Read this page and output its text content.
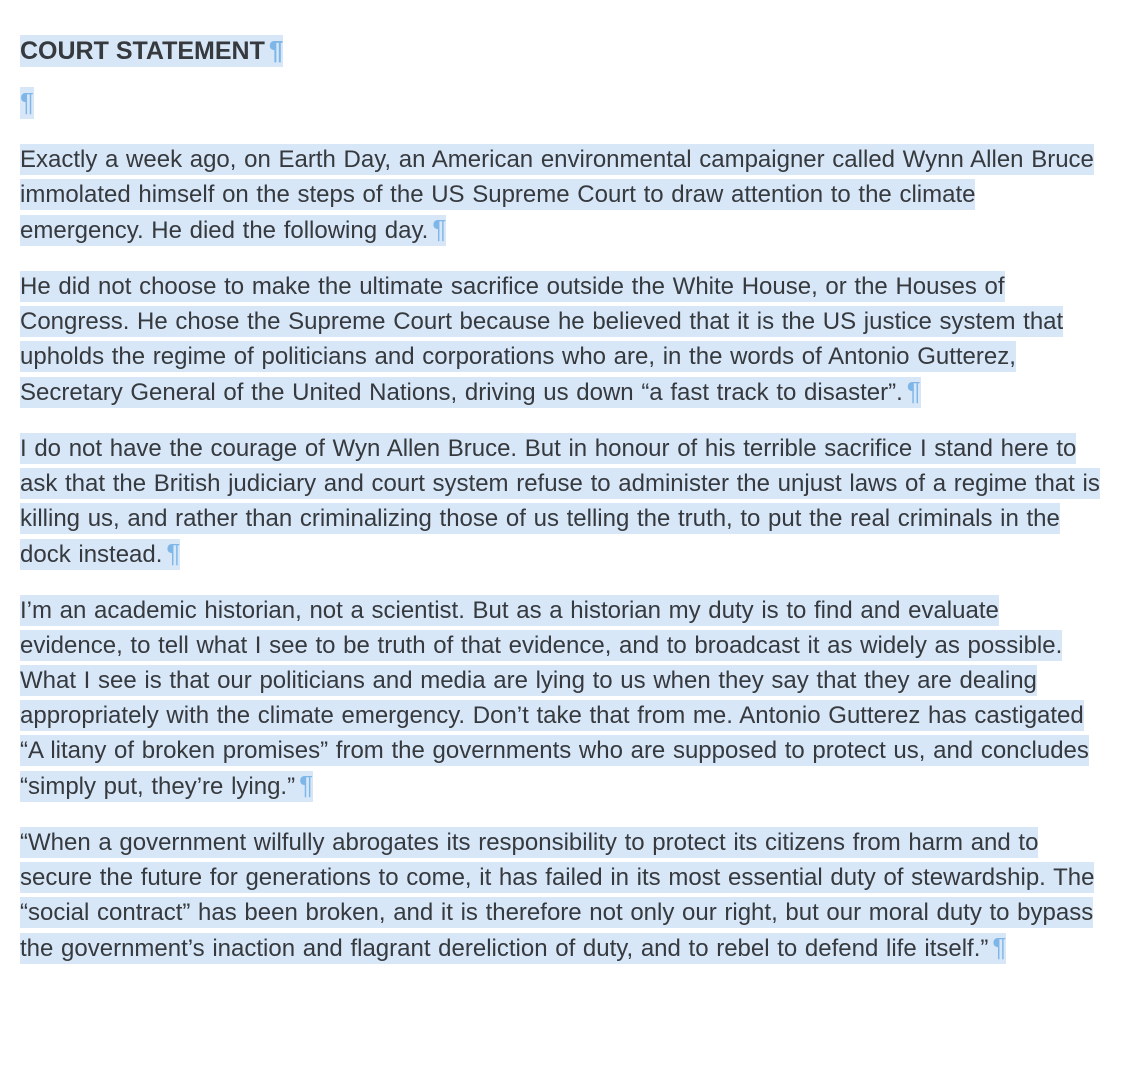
COURT STATEMENT ¶
¶

Exactly a week ago, on Earth Day, an American environmental campaigner called Wynn Allen Bruce immolated himself on the steps of the US Supreme Court to draw attention to the climate emergency. He died the following day. ¶

He did not choose to make the ultimate sacrifice outside the White House, or the Houses of Congress. He chose the Supreme Court because he believed that it is the US justice system that upholds the regime of politicians and corporations who are, in the words of Antonio Gutterez, Secretary General of the United Nations, driving us down “a fast track to disaster”. ¶

I do not have the courage of Wyn Allen Bruce. But in honour of his terrible sacrifice I stand here to ask that the British judiciary and court system refuse to administer the unjust laws of a regime that is killing us, and rather than criminalizing those of us telling the truth, to put the real criminals in the dock instead. ¶

I’m an academic historian, not a scientist. But as a historian my duty is to find and evaluate evidence, to tell what I see to be truth of that evidence, and to broadcast it as widely as possible. What I see is that our politicians and media are lying to us when they say that they are dealing appropriately with the climate emergency. Don’t take that from me. Antonio Gutterez has castigated “A litany of broken promises” from the governments who are supposed to protect us, and concludes “simply put, they’re lying.” ¶

“When a government wilfully abrogates its responsibility to protect its citizens from harm and to secure the future for generations to come, it has failed in its most essential duty of stewardship. The “social contract” has been broken, and it is therefore not only our right, but our moral duty to bypass the government’s inaction and flagrant dereliction of duty, and to rebel to defend life itself.” ¶
